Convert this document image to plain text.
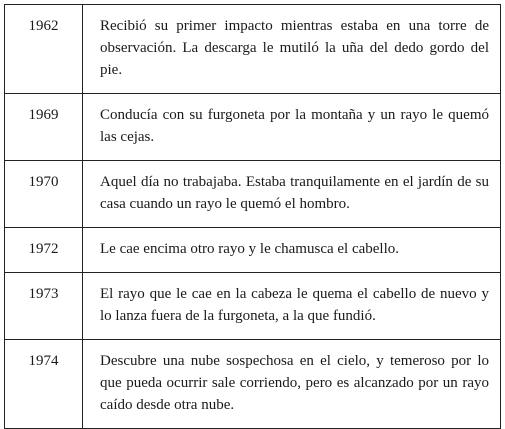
1962	Recibió su primer impacto mientras estaba en una torre de observación. La descarga le mutiló la uña del dedo gordo del pie.

1969	Conducía con su furgoneta por la montaña y un rayo le quemó las cejas.

1970	Aquel día no trabajaba. Estaba tranquilamente en el jardín de su casa cuando un rayo le quemó el hombro.

1972	Le cae encima otro rayo y le chamusca el cabello.

1973	El rayo que le cae en la cabeza le quema el cabello de nuevo y lo lanza fuera de la furgoneta, a la que fundió.

1974	Descubre una nube sospechosa en el cielo, y temeroso por lo que pueda ocurrir sale corriendo, pero es alcanzado por un rayo caído desde otra nube.
